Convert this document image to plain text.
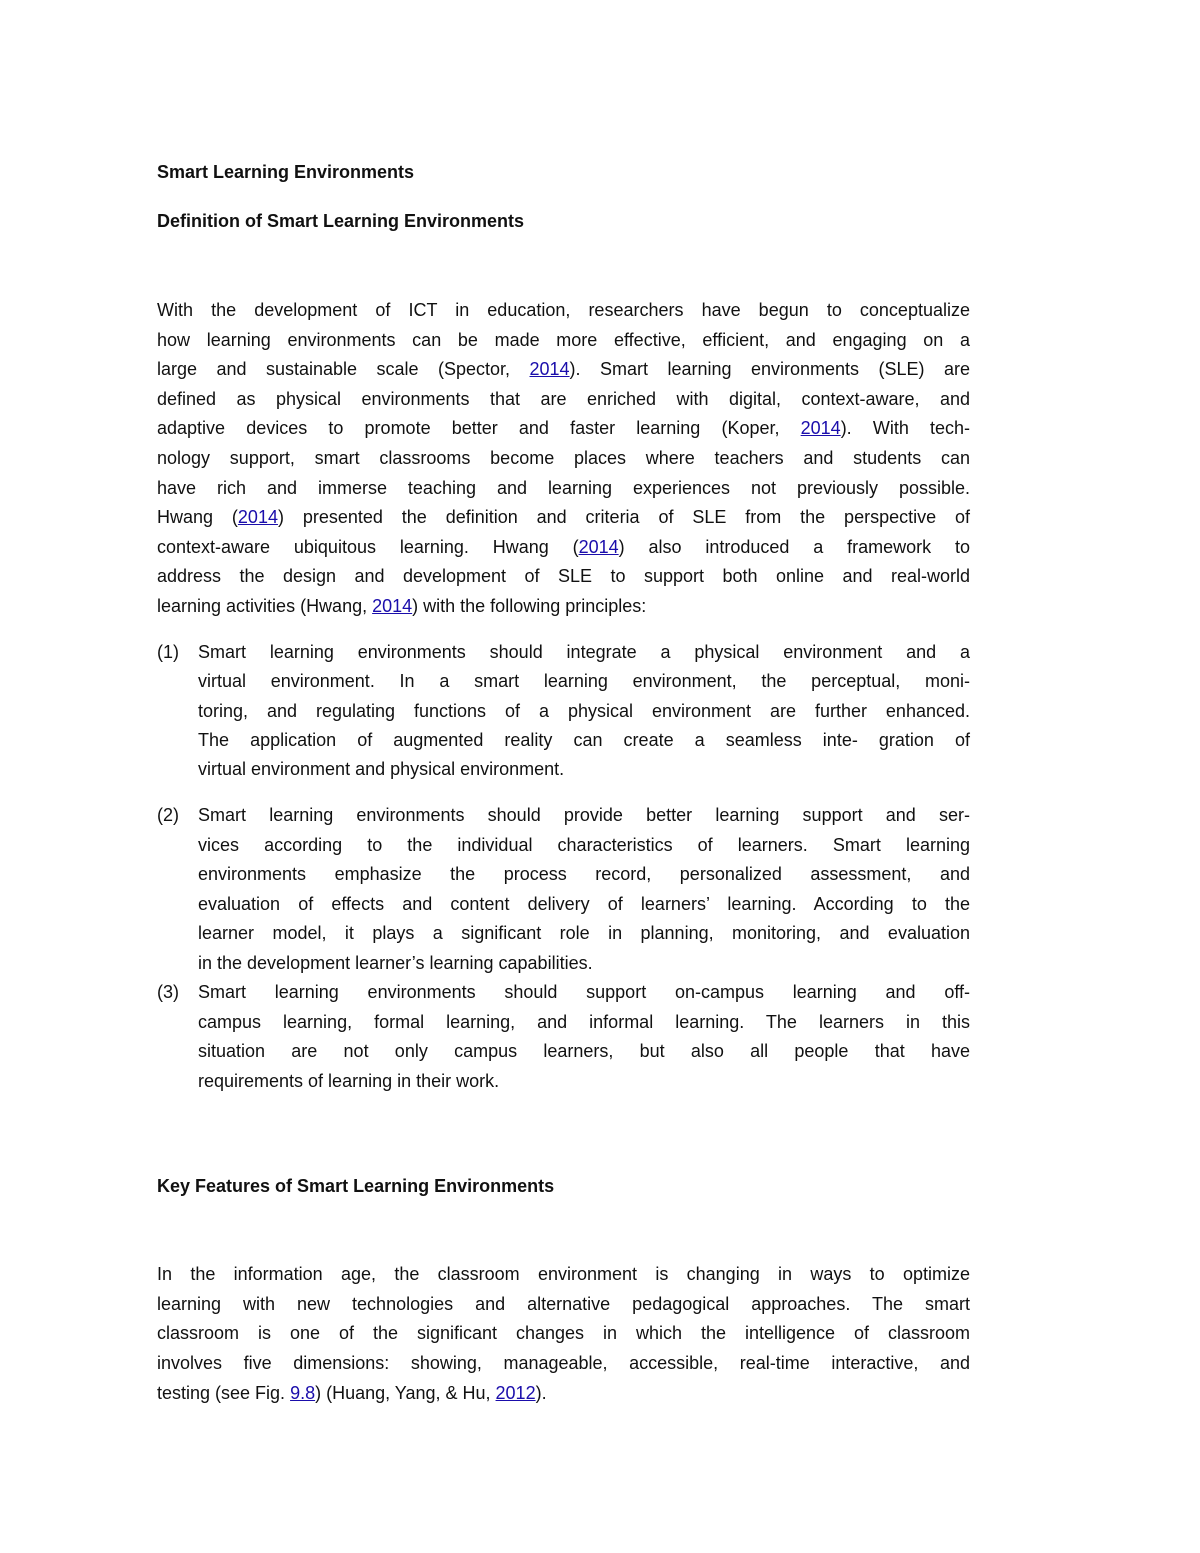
Smart Learning Environments
Definition of Smart Learning Environments
Key Features of Smart Learning Environments
With the development of ICT in education, researchers have begun to conceptualize
how learning environments can be made more effective, efficient, and engaging on a
large and sustainable scale (Spector, 2014). Smart learning environments (SLE) are
defined as physical environments that are enriched with digital, context-aware, and
adaptive devices to promote better and faster learning (Koper, 2014). With tech-
nology support, smart classrooms become places where teachers and students can
have rich and immerse teaching and learning experiences not previously possible.
Hwang (2014) presented the definition and criteria of SLE from the perspective of
context-aware ubiquitous learning. Hwang (2014) also introduced a framework to
address the design and development of SLE to support both online and real-world
learning activities (Hwang, 2014) with the following principles:
(1) Smart learning environments should integrate a physical environment and a
virtual environment. In a smart learning environment, the perceptual, moni-
toring, and regulating functions of a physical environment are further enhanced.
The application of augmented reality can create a seamless inte- gration of
virtual environment and physical environment.
(2) Smart learning environments should provide better learning support and ser-
vices according to the individual characteristics of learners. Smart learning
environments emphasize the process record, personalized assessment, and
evaluation of effects and content delivery of learners’ learning. According to the
learner model, it plays a significant role in planning, monitoring, and evaluation
in the development learner’s learning capabilities.
(3) Smart learning environments should support on-campus learning and off-
campus learning, formal learning, and informal learning. The learners in this
situation are not only campus learners, but also all people that have
requirements of learning in their work.
In the information age, the classroom environment is changing in ways to optimize
learning with new technologies and alternative pedagogical approaches. The smart
classroom is one of the significant changes in which the intelligence of classroom
involves five dimensions: showing, manageable, accessible, real-time interactive, and
testing (see Fig. 9.8) (Huang, Yang, & Hu, 2012).
